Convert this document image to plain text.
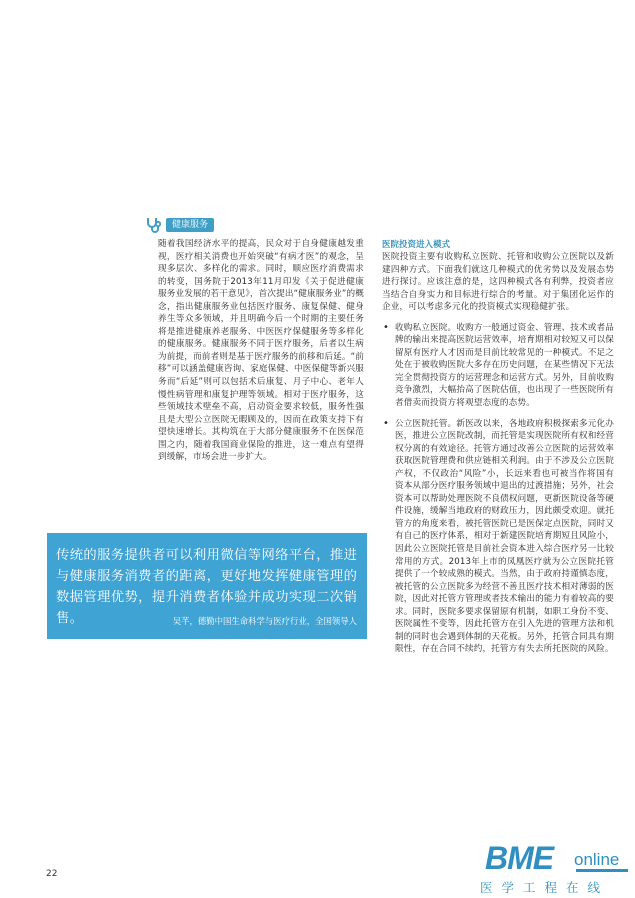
健康服务

随着我国经济水平的提高，民众对于自身健康越发重视，医疗相关消费也开始突破“有病才医”的观念，呈现多层次、多样化的需求。同时，顺应医疗消费需求的转变，国务院于2013年11月印发《关于促进健康服务业发展的若干意见》，首次提出“健康服务业”的概念，指出健康服务业包括医疗服务、康复保健、健身养生等众多领域，并且明确今后一个时期的主要任务将是推进健康养老服务、中医医疗保健服务等多样化的健康服务。健康服务不同于医疗服务，后者以生病为前提，而前者则是基于医疗服务的前移和后延。“前移”可以涵盖健康咨询、家庭保健、中医保健等新兴服务而“后延”则可以包括术后康复、月子中心、老年人慢性病管理和康复护理等领域。相对于医疗服务，这些领域技术壁垒不高，启动资金要求较低，服务性强且是大型公立医院无暇顾及的，因而在政策支持下有望快速增长。其构筑在于大部分健康服务不在医保范围之内，随着我国商业保险的推进，这一难点有望得到缓解，市场会进一步扩大。

医院投资进入模式

医院投资主要有收购私立医院、托管和收购公立医院以及新建四种方式。下面我们就这几种模式的优劣势以及发展态势进行探讨。应该注意的是，这四种模式各有利弊，投资者应当结合自身实力和目标进行综合的考量。对于集团化运作的企业，可以考虑多元化的投资模式实现稳健扩张。

• 收购私立医院。收购方一般通过资金、管理、技术或者品牌的输出来提高医院运营效率，培育期相对较短又可以保留原有医疗人才因而是目前比较常见的一种模式。不足之处在于被收购医院大多存在历史问题，在某些情况下无法完全贯彻投资方的运营理念和运营方式。另外，目前收购竞争激烈，大幅抬高了医院估值，也出现了一些医院所有者借卖而投资方将观望态度的态势。
• 公立医院托管。新医改以来，各地政府积极探索多元化办医，推进公立医院改制，而托管是实现医院所有权和经营权分离的有效途径。托管方通过改善公立医院的运营效率获取医院管理费和供应链相关利润。由于不涉及公立医院产权，不仅政治“风险”小，长远来看也可被当作将国有资本从部分医疗服务领域中退出的过渡措施；另外，社会资本可以帮助处理医院不良债权问题，更新医院设备等硬件设施，缓解当地政府的财政压力，因此颇受欢迎。就托管方的角度来看，被托管医院已是医保定点医院，同时又有自己的医疗体系，相对于新建医院培育期短且风险小，因此公立医院托管是目前社会资本进入综合医疗另一比较常用的方式。2013年上市的凤凰医疗就为公立医院托管提供了一个较成熟的模式。当然，由于政府持谨慎态度，被托管的公立医院多为经营不善且医疗技术相对薄弱的医院，因此对托管方管理或者技术输出的能力有着较高的要求。同时，医院多要求保留原有机制，如职工身份不变、医院属性不变等，因此托管方在引入先进的管理方法和机制的同时也会遇到体制的天花板。另外，托管合同具有期限性，存在合同不续约，托管方有失去所托医院的风险。
传统的服务提供者可以利用微信等网络平台，推进与健康服务消费者的距离，更好地发挥健康管理的数据管理优势，提升消费者体验并成功实现二次销售。	吴芊，德勤中国生命科学与医疗行业，全国领导人
22	BME online
医学工程在线
